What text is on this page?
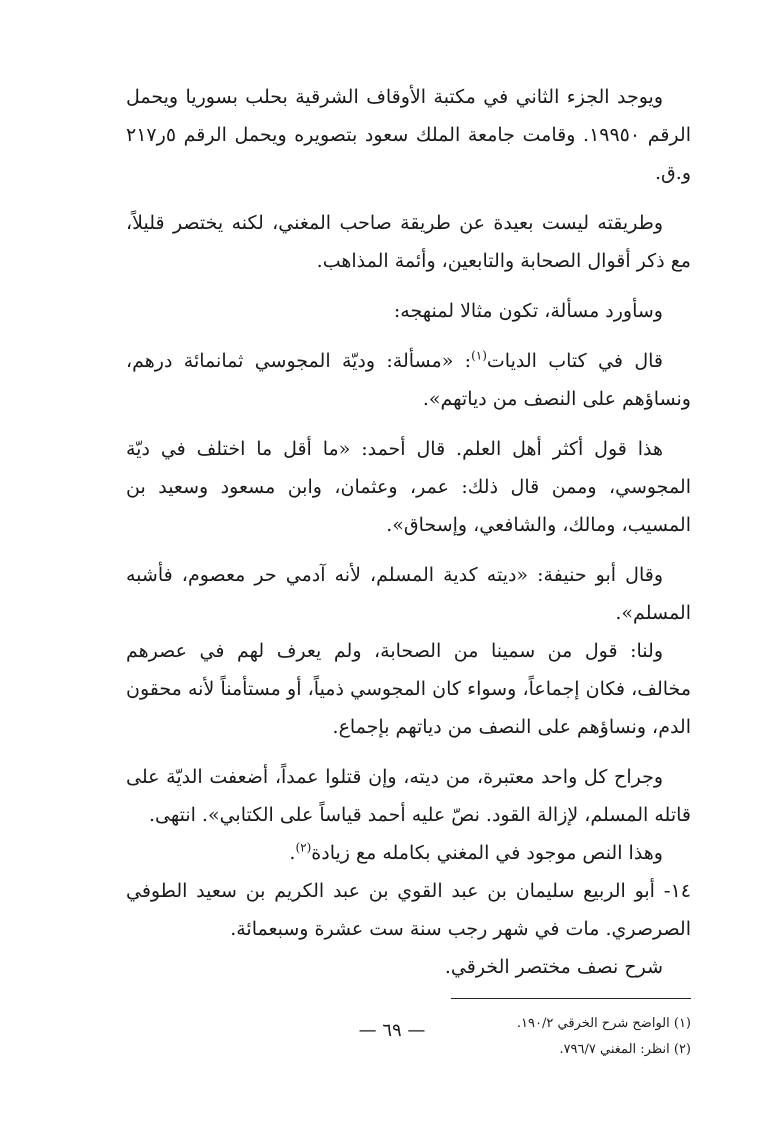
ويوجد الجزء الثاني في مكتبة الأوقاف الشرقية بحلب بسوريا ويحمل الرقم ١٩٩٥٠. وقامت جامعة الملك سعود بتصويره ويحمل الرقم ٥ر٢١٧ و.ق.

وطريقته ليست بعيدة عن طريقة صاحب المغني، لكنه يختصر قليلاً، مع ذكر أقوال الصحابة والتابعين، وأئمة المذاهب.

وسأورد مسألة، تكون مثالا لمنهجه:

قال في كتاب الديات$^{(١)}$: «مسألة: وديّة المجوسي ثمانمائة درهم، ونساؤهم على النصف من دياتهم».

هذا قول أكثر أهل العلم. قال أحمد: «ما أقل ما اختلف في ديّة المجوسي، وممن قال ذلك: عمر، وعثمان، وابن مسعود وسعيد بن المسيب، ومالك، والشافعي، وإسحاق».

وقال أبو حنيفة: «ديته كدية المسلم، لأنه آدمي حر معصوم، فأشبه المسلم».

ولنا: قول من سمينا من الصحابة، ولم يعرف لهم في عصرهم مخالف، فكان إجماعاً، وسواء كان المجوسي ذمياً، أو مستأمناً لأنه محقون الدم، ونساؤهم على النصف من دياتهم بإجماع.

وجراح كل واحد معتبرة، من ديته، وإن قتلوا عمداً، أضعفت الديّة على قاتله المسلم، لإزالة القود. نصّ عليه أحمد قياساً على الكتابي». انتهى.

وهذا النص موجود في المغني بكامله مع زيادة$^{(٢)}$.

١٤- أبو الربيع سليمان بن عبد القوي بن عبد الكريم بن سعيد الطوفي الصرصري. مات في شهر رجب سنة ست عشرة وسبعمائة.

شرح نصف مختصر الخرقي.

(١) الواضح شرح الخرقي ١٩٠/٢.

(٢) انظر: المغني ٧٩٦/٧.

— ٦٩ —
